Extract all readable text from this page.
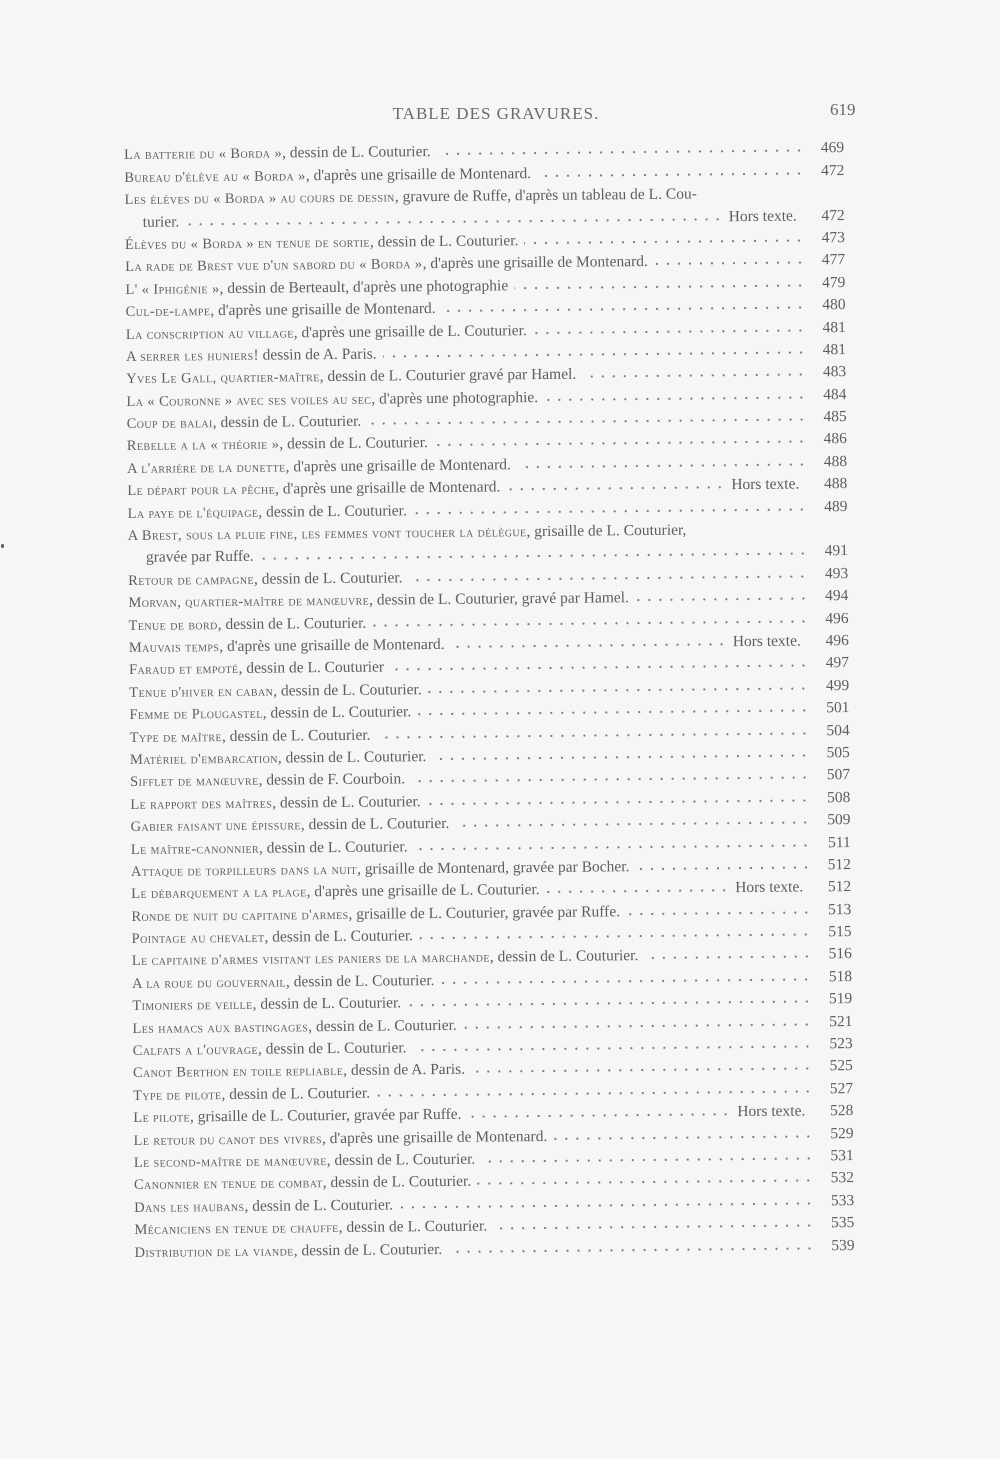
TABLE DES GRAVURES.	619
La batterie du « Borda » , dessin de L. Couturier.	469
Bureau d'élève au « Borda » , d'après une grisaille de Montenard.	472
Les élèves du « Borda » au cours de dessin , gravure de Ruffe, d'après un tableau de L. Cou-
turier.	Hors texte.	472
Élèves du « Borda » en tenue de sortie , dessin de L. Couturier.	473
La rade de Brest vue d'un sabord du « Borda » , d'après une grisaille de Montenard.	477
L' « Iphigénie » , dessin de Berteault, d'après une photographie	479
Cul-de-lampe , d'après une grisaille de Montenard.	480
La conscription au village , d'après une grisaille de L. Couturier.	481
A serrer les huniers ! dessin de A. Paris.	481
Yves Le Gall, quartier-maître , dessin de L. Couturier gravé par Hamel.	483
La « Couronne » avec ses voiles au sec , d'après une photographie.	484
Coup de balai , dessin de L. Couturier.	485
Rebelle a la « théorie » , dessin de L. Couturier.	486
A l'arrière de la dunette , d'après une grisaille de Montenard.	488
Le départ pour la pêche , d'après une grisaille de Montenard.	Hors texte.	488
La paye de l'équipage , dessin de L. Couturier.	489
A Brest, sous la pluie fine, les femmes vont toucher la délègue , grisaille de L. Couturier,
gravée par Ruffe.	491
Retour de campagne , dessin de L. Couturier.	493
Morvan, quartier-maître de manœuvre , dessin de L. Couturier, gravé par Hamel.	494
Tenue de bord , dessin de L. Couturier.	496
Mauvais temps , d'après une grisaille de Montenard.	Hors texte.	496
Faraud et empoté , dessin de L. Couturier	497
Tenue d'hiver en caban , dessin de L. Couturier.	499
Femme de Plougastel , dessin de L. Couturier.	501
Type de maître , dessin de L. Couturier.	504
Matériel d'embarcation , dessin de L. Couturier.	505
Sifflet de manœuvre , dessin de F. Courboin.	507
Le rapport des maîtres , dessin de L. Couturier.	508
Gabier faisant une épissure , dessin de L. Couturier.	509
Le maître-canonnier , dessin de L. Couturier.	511
Attaque de torpilleurs dans la nuit , grisaille de Montenard, gravée par Bocher.	512
Le débarquement a la plage , d'après une grisaille de L. Couturier.	Hors texte.	512
Ronde de nuit du capitaine d'armes , grisaille de L. Couturier, gravée par Ruffe.	513
Pointage au chevalet , dessin de L. Couturier.	515
Le capitaine d'armes visitant les paniers de la marchande , dessin de L. Couturier.	516
A la roue du gouvernail , dessin de L. Couturier.	518
Timoniers de veille , dessin de L. Couturier.	519
Les hamacs aux bastingages , dessin de L. Couturier.	521
Calfats a l'ouvrage , dessin de L. Couturier.	523
Canot Berthon en toile repliable , dessin de A. Paris.	525
Type de pilote , dessin de L. Couturier.	527
Le pilote , grisaille de L. Couturier, gravée par Ruffe.	Hors texte.	528
Le retour du canot des vivres , d'après une grisaille de Montenard.	529
Le second-maître de manœuvre , dessin de L. Couturier.	531
Canonnier en tenue de combat , dessin de L. Couturier.	532
Dans les haubans , dessin de L. Couturier.	533
Mécaniciens en tenue de chauffe , dessin de L. Couturier.	535
Distribution de la viande , dessin de L. Couturier.	539
